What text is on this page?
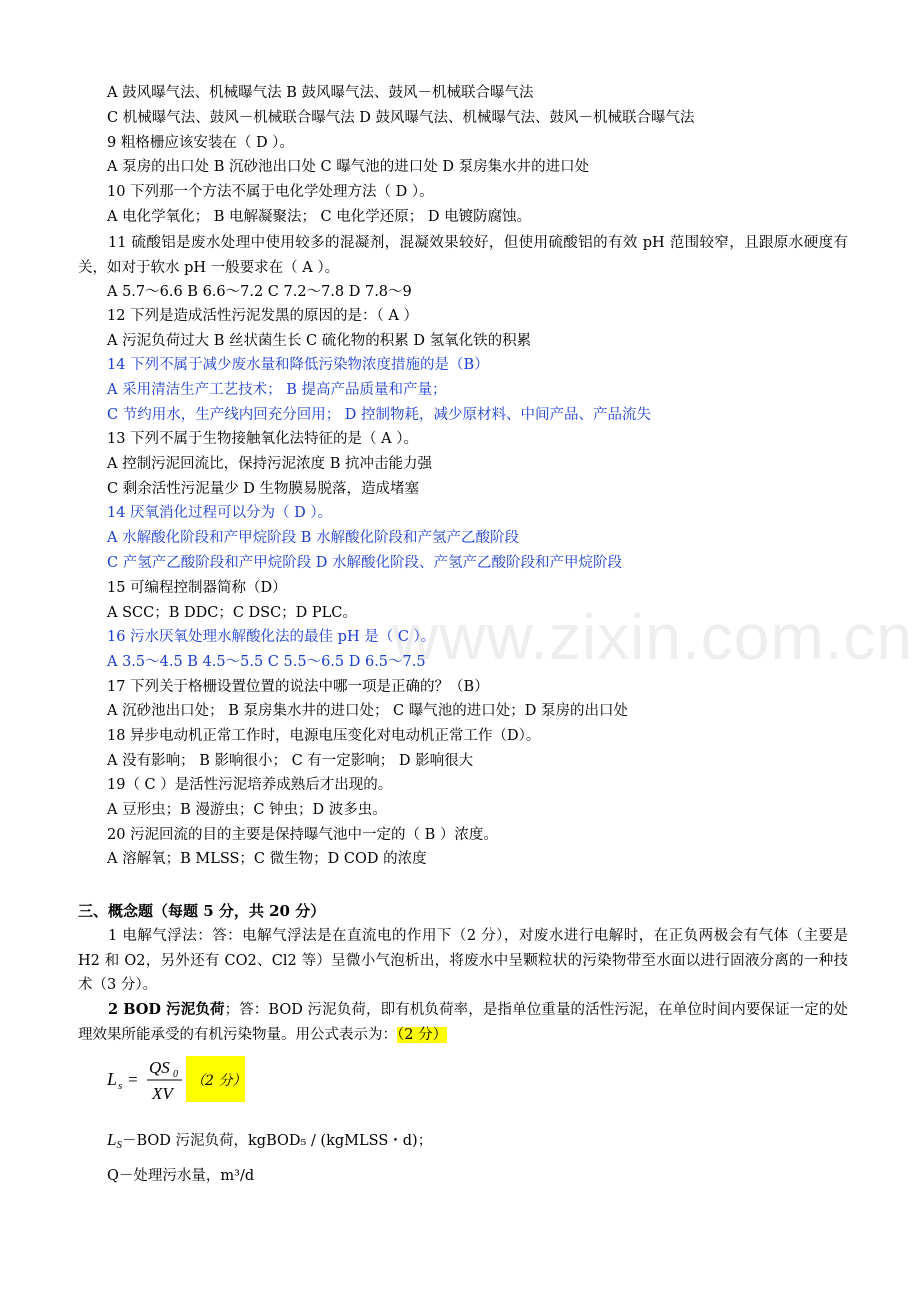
www.zixin.com.cn
A 鼓风曝气法、机械曝气法 B 鼓风曝气法、鼓风－机械联合曝气法
C 机械曝气法、鼓风－机械联合曝气法 D 鼓风曝气法、机械曝气法、鼓风－机械联合曝气法
9 粗格栅应该安装在（ D ）。
A 泵房的出口处 B 沉砂池出口处 C 曝气池的进口处 D 泵房集水井的进口处
10 下列那一个方法不属于电化学处理方法（ D ）。
A 电化学氧化； B 电解凝聚法； C 电化学还原； D 电镀防腐蚀。
A 5.7～6.6 B 6.6～7.2 C 7.2～7.8 D 7.8～9
12 下列是造成活性污泥发黑的原因的是：（ A ）
A 污泥负荷过大 B 丝状菌生长 C 硫化物的积累 D 氢氧化铁的积累
14 下列不属于减少废水量和降低污染物浓度措施的是（B）
A 采用清洁生产工艺技术； B 提高产品质量和产量；
C 节约用水，生产线内回充分回用； D 控制物耗，减少原材料、中间产品、产品流失
13 下列不属于生物接触氧化法特征的是（ A ）。
A 控制污泥回流比，保持污泥浓度 B 抗冲击能力强
C 剩余活性污泥量少 D 生物膜易脱落，造成堵塞
14 厌氧消化过程可以分为（ D ）。
A 水解酸化阶段和产甲烷阶段 B 水解酸化阶段和产氢产乙酸阶段
C 产氢产乙酸阶段和产甲烷阶段 D 水解酸化阶段、产氢产乙酸阶段和产甲烷阶段
15 可编程控制器简称（D）
A SCC；B DDC；C DSC；D PLC。
16 污水厌氧处理水解酸化法的最佳 pH 是（ C ）。
A 3.5～4.5 B 4.5～5.5 C 5.5～6.5 D 6.5～7.5
17 下列关于格栅设置位置的说法中哪一项是正确的？（B）
A 沉砂池出口处； B 泵房集水井的进口处； C 曝气池的进口处；D 泵房的出口处
18 异步电动机正常工作时，电源电压变化对电动机正常工作（D）。
A 没有影响； B 影响很小； C 有一定影响； D 影响很大
19（ C ）是活性污泥培养成熟后才出现的。
A 豆形虫；B 漫游虫；C 钟虫；D 波多虫。
20 污泥回流的目的主要是保持曝气池中一定的（ B ）浓度。
A 溶解氧；B MLSS；C 微生物；D COD 的浓度
11 硫酸铝是废水处理中使用较多的混凝剂，混凝效果较好，但使用硫酸铝的有效 pH 范围较窄，且跟原水硬度有关，如对于软水 pH 一般要求在（ A ）。
三、概念题（每题 5 分，共 20 分）
1 电解气浮法：答：电解气浮法是在直流电的作用下（2 分），对废水进行电解时，在正负两极会有气体（主要是 H2 和 O2，另外还有 CO2、Cl2 等）呈微小气泡析出，将废水中呈颗粒状的污染物带至水面以进行固液分离的一种技术（3 分）。
2 BOD 污泥负荷；答：BOD 污泥负荷，即有机负荷率，是指单位重量的活性污泥，在单位时间内要保证一定的处理效果所能承受的有机污染物量。用公式表示为：（2 分）
L s =
QS 0
XV
（2 分）
$L_S-BOD$ 污泥负荷，kgBOD₅ / (kgMLSS・d)；
Q－处理污水量，m³/d
